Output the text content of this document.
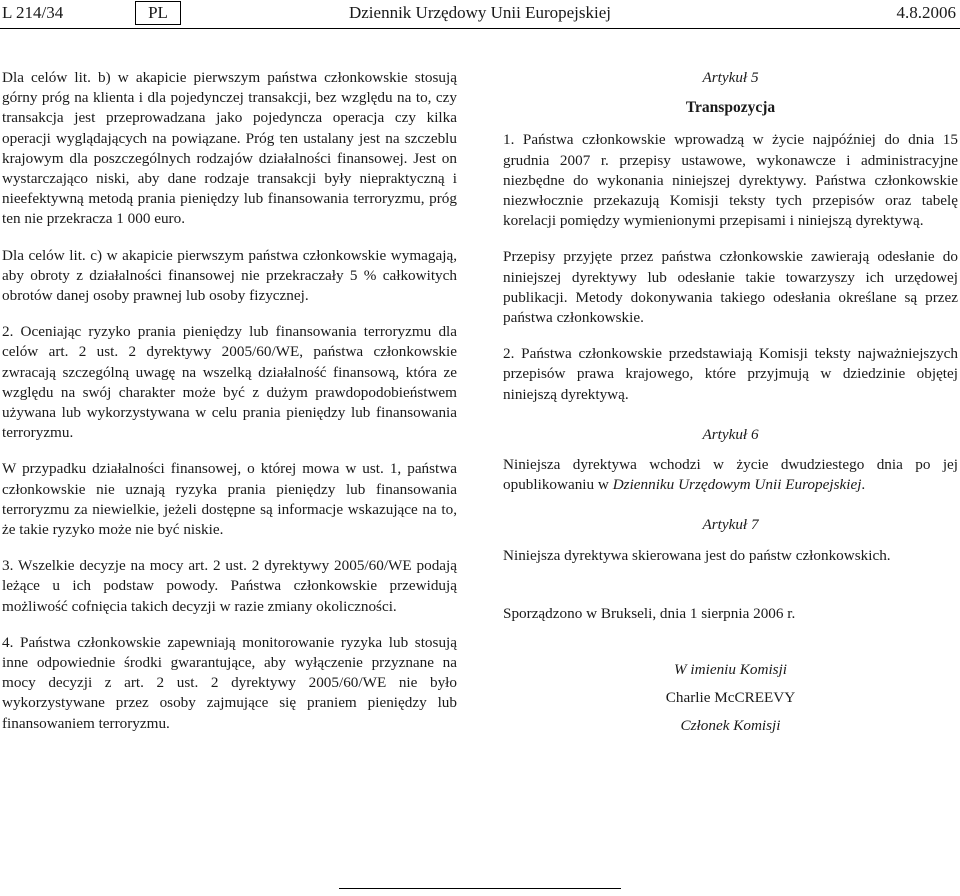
L 214/34	Dziennik Urzędowy Unii Europejskiej
PL	4.8.2006

Dla celów lit. b) w akapicie pierwszym państwa członkowskie stosują górny próg na klienta i dla pojedynczej transakcji, bez względu na to, czy transakcja jest przeprowadzana jako pojedyncza operacja czy kilka operacji wyglądających na powiązane. Próg ten ustalany jest na szczeblu krajowym dla poszczególnych rodzajów działalności finansowej. Jest on wystarczająco niski, aby dane rodzaje transakcji były niepraktyczną i nieefektywną metodą prania pieniędzy lub finansowania terroryzmu, próg ten nie przekracza 1 000 euro.

Dla celów lit. c) w akapicie pierwszym państwa członkowskie wymagają, aby obroty z działalności finansowej nie przekraczały 5 % całkowitych obrotów danej osoby prawnej lub osoby fizycznej.

2. Oceniając ryzyko prania pieniędzy lub finansowania terroryzmu dla celów art. 2 ust. 2 dyrektywy 2005/60/WE, państwa członkowskie zwracają szczególną uwagę na wszelką działalność finansową, która ze względu na swój charakter może być z dużym prawdopodobieństwem używana lub wykorzystywana w celu prania pieniędzy lub finansowania terroryzmu.

W przypadku działalności finansowej, o której mowa w ust. 1, państwa członkowskie nie uznają ryzyka prania pieniędzy lub finansowania terroryzmu za niewielkie, jeżeli dostępne są informacje wskazujące na to, że takie ryzyko może nie być niskie.

3. Wszelkie decyzje na mocy art. 2 ust. 2 dyrektywy 2005/60/WE podają leżące u ich podstaw powody. Państwa członkowskie przewidują możliwość cofnięcia takich decyzji w razie zmiany okoliczności.

4. Państwa członkowskie zapewniają monitorowanie ryzyka lub stosują inne odpowiednie środki gwarantujące, aby wyłączenie przyznane na mocy decyzji z art. 2 ust. 2 dyrektywy 2005/60/WE nie było wykorzystywane przez osoby zajmujące się praniem pieniędzy lub finansowaniem terroryzmu.

Artykuł 5

Transpozycja

1. Państwa członkowskie wprowadzą w życie najpóźniej do dnia 15 grudnia 2007 r. przepisy ustawowe, wykonawcze i administracyjne niezbędne do wykonania niniejszej dyrektywy. Państwa członkowskie niezwłocznie przekazują Komisji teksty tych przepisów oraz tabelę korelacji pomiędzy wymienionymi przepisami i niniejszą dyrektywą.

Przepisy przyjęte przez państwa członkowskie zawierają odesłanie do niniejszej dyrektywy lub odesłanie takie towarzyszy ich urzędowej publikacji. Metody dokonywania takiego odesłania określane są przez państwa członkowskie.

2. Państwa członkowskie przedstawiają Komisji teksty najważniejszych przepisów prawa krajowego, które przyjmują w dziedzinie objętej niniejszą dyrektywą.

Artykuł 6

Niniejsza dyrektywa wchodzi w życie dwudziestego dnia po jej opublikowaniu w Dzienniku Urzędowym Unii Europejskiej.

Artykuł 7

Niniejsza dyrektywa skierowana jest do państw członkowskich.

Sporządzono w Brukseli, dnia 1 sierpnia 2006 r.

W imieniu Komisji

Charlie McCREEVY

Członek Komisji
